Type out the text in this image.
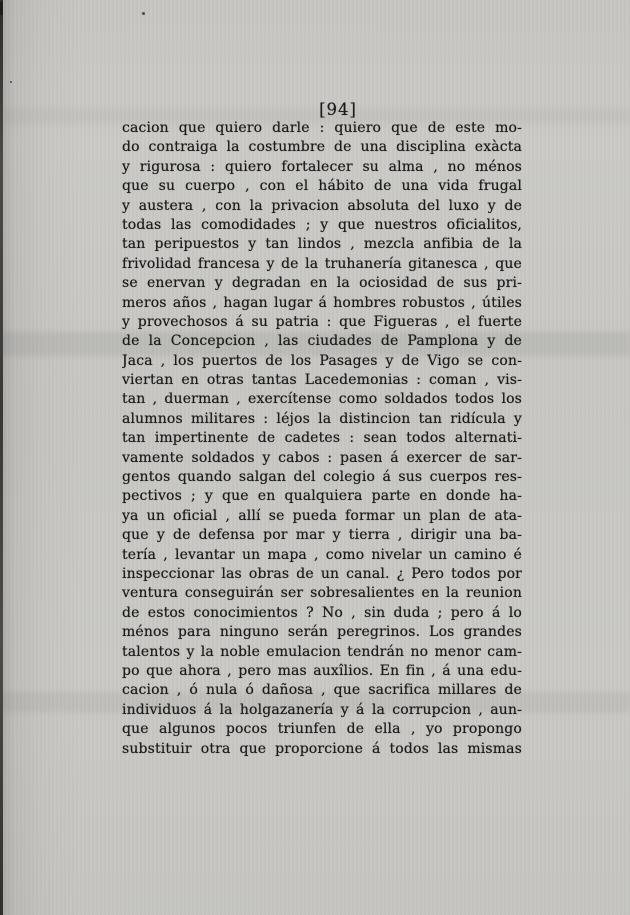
[94]
cacion que quiero darle : quiero que de este mo-
do contraiga la costumbre de una disciplina exàcta
y rigurosa : quiero fortalecer su alma , no ménos
que su cuerpo , con el hábito de una vida frugal
y austera , con la privacion absoluta del luxo y de
todas las comodidades ; y que nuestros oficialitos,
tan peripuestos y tan lindos , mezcla anfibia de la
frivolidad francesa y de la truhanería gitanesca , que
se enervan y degradan en la ociosidad de sus pri-
meros años , hagan lugar á hombres robustos , útiles
y provechosos á su patria : que Figueras , el fuerte
de la Concepcion , las ciudades de Pamplona y de
Jaca , los puertos de los Pasages y de Vigo se con-
viertan en otras tantas Lacedemonias : coman , vis-
tan , duerman , exercítense como soldados todos los
alumnos militares : léjos la distincion tan ridícula y
tan impertinente de cadetes : sean todos alternati-
vamente soldados y cabos : pasen á exercer de sar-
gentos quando salgan del colegio á sus cuerpos res-
pectivos ; y que en qualquiera parte en donde ha-
ya un oficial , allí se pueda formar un plan de ata-
que y de defensa por mar y tierra , dirigir una ba-
tería , levantar un mapa , como nivelar un camino é
inspeccionar las obras de un canal. ¿ Pero todos por
ventura conseguirán ser sobresalientes en la reunion
de estos conocimientos ? No , sin duda ; pero á lo
ménos para ninguno serán peregrinos. Los grandes
talentos y la noble emulacion tendrán no menor cam-
po que ahora , pero mas auxîlios. En fin , á una edu-
cacion , ó nula ó dañosa , que sacrifica millares de
individuos á la holgazanería y á la corrupcion , aun-
que algunos pocos triunfen de ella , yo propongo
substituir otra que proporcione á todos las mismas
